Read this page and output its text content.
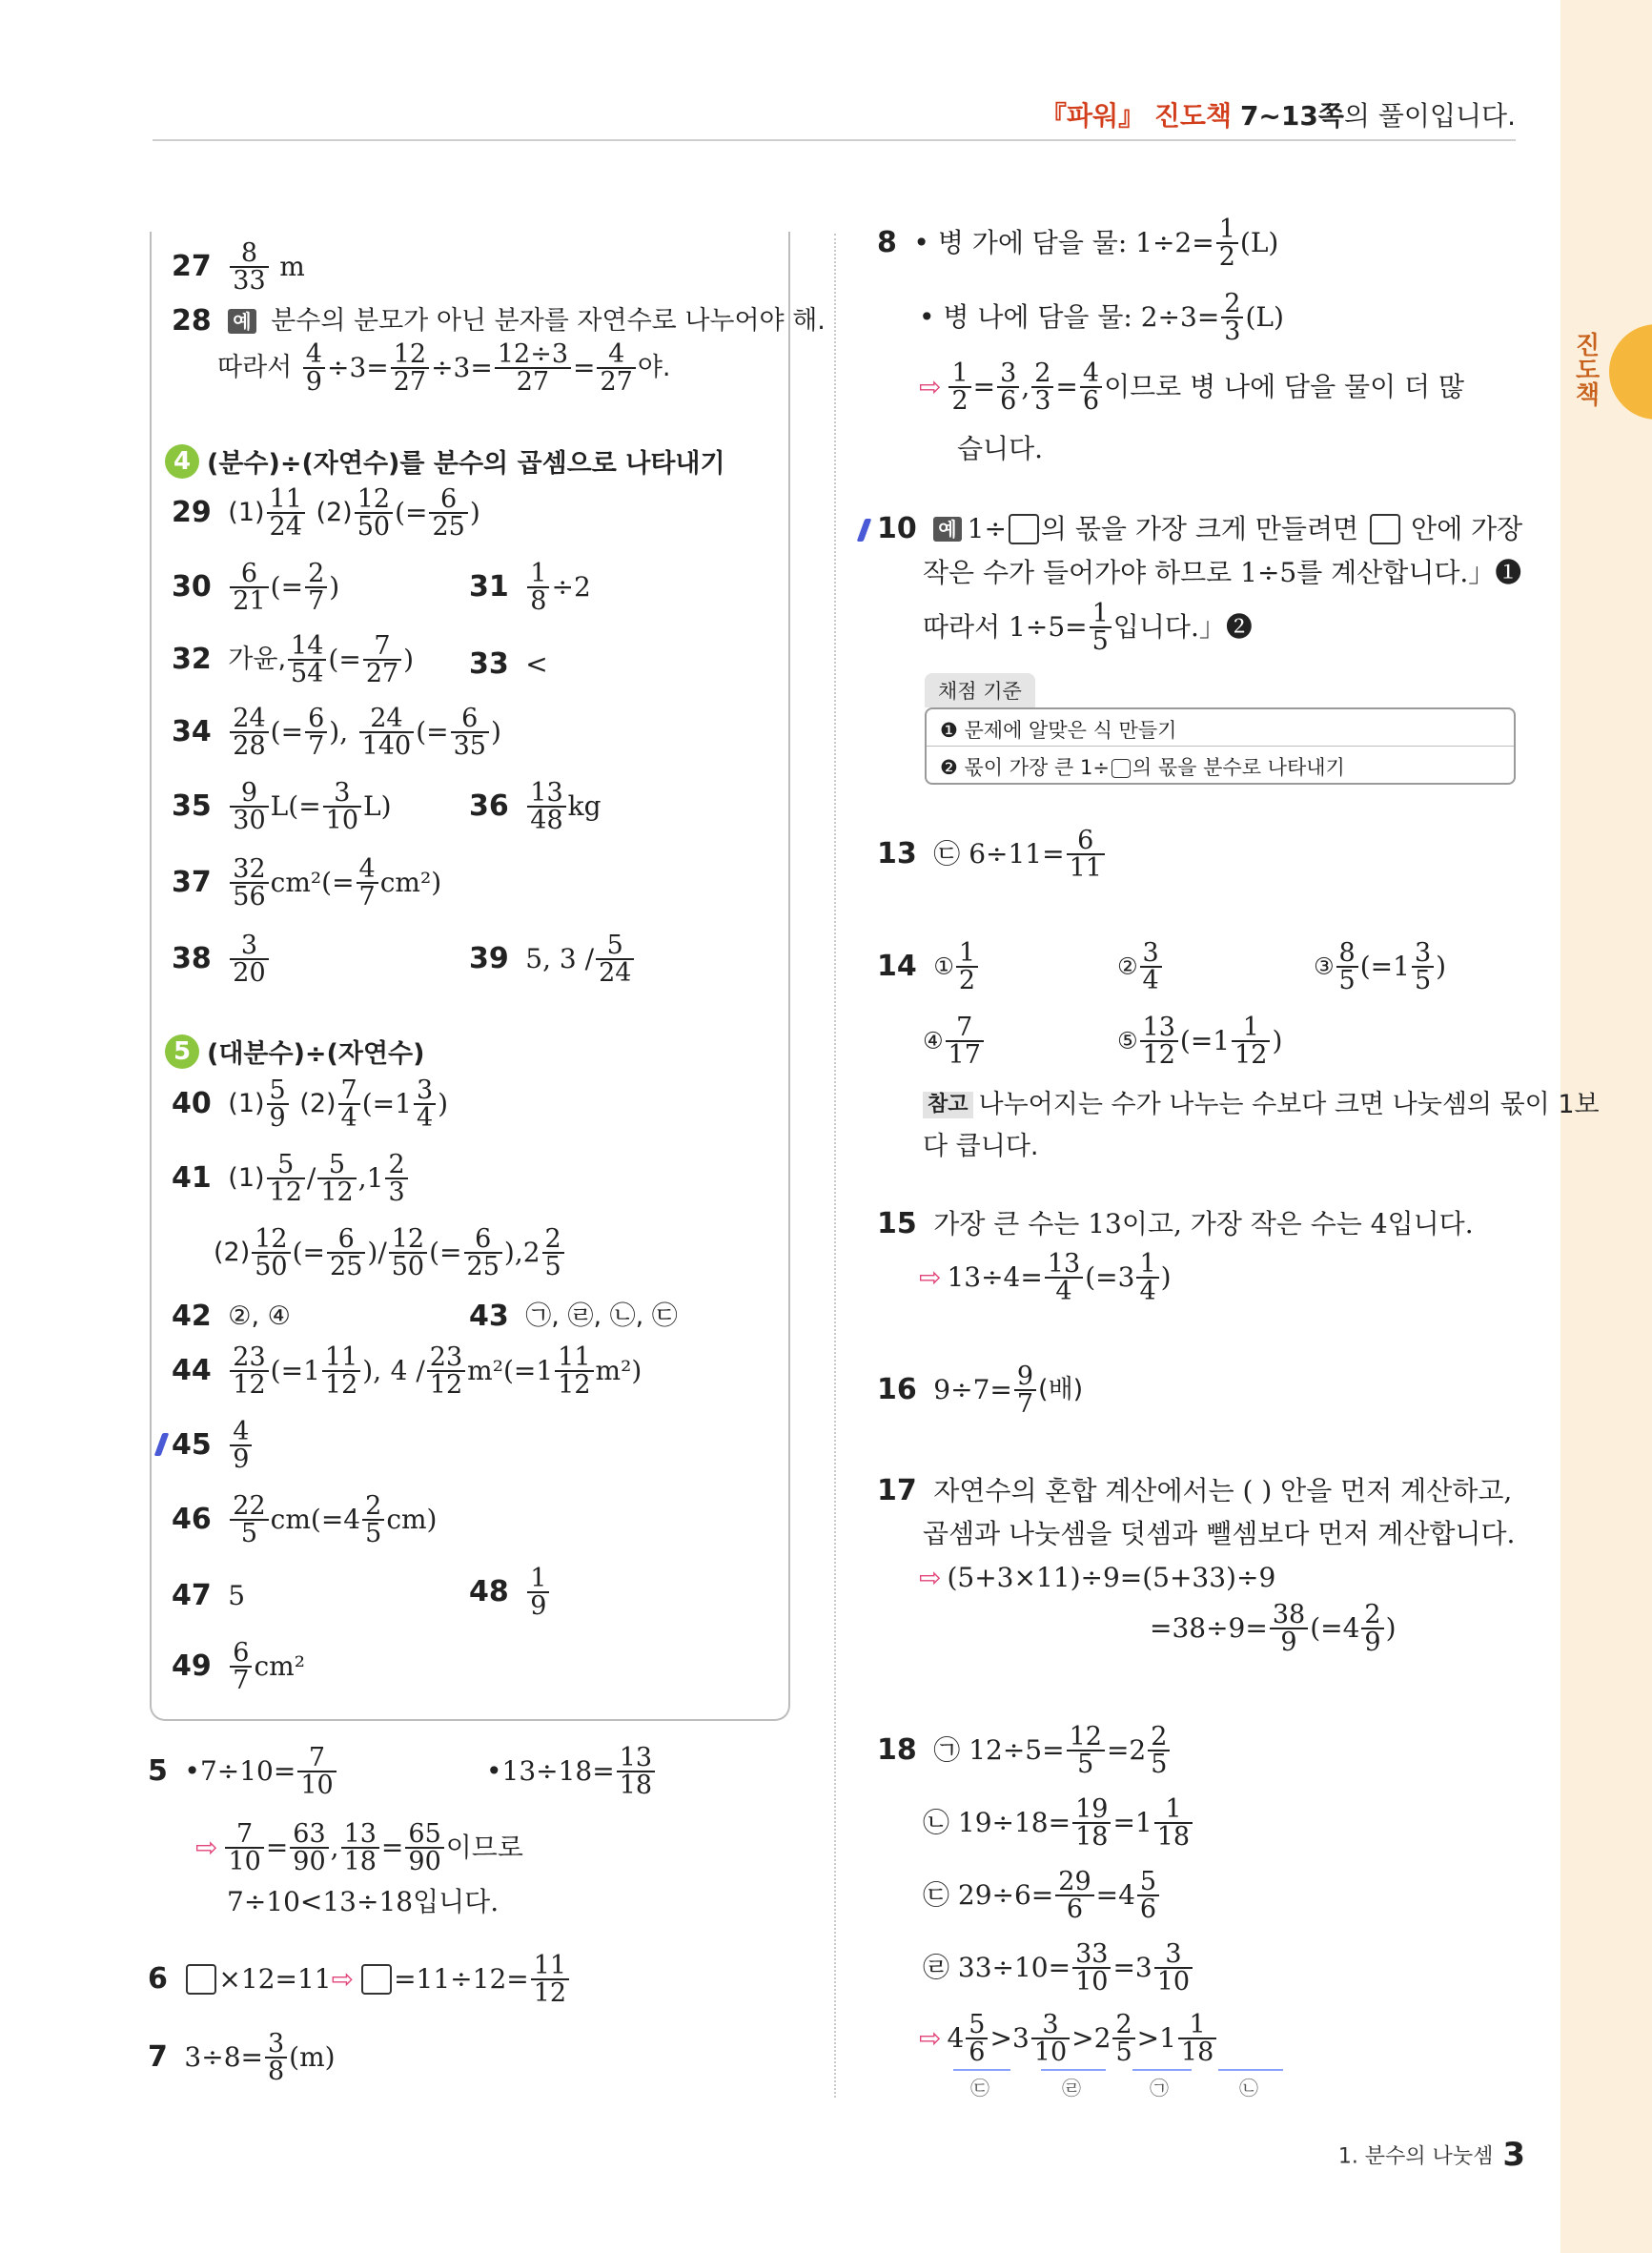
진도책
『파워』 진도책 7~13쪽의 풀이입니다.
$27 \frac{8}{33}$ m
28 예 분수의 분모가 아닌 분자를 자연수로 나누어야 해.
따라서 $\frac{4}{9} \div 3= \frac{12}{27} \div 3= \frac{12\div 3}{27} = \frac{4}{27}$ 야.
4 (분수)÷(자연수)를 분수의 곱셈으로 나타내기
29 $(1) \frac{11}{24} (2) \frac{12}{50}$ (= $\frac{6}{25}$ )
$30 \frac{6}{21}$ (= $\frac{2}{7}$ )	$31 \frac{1}{8} \div 2$
32 가윤, $\frac{14}{54}$ (= $\frac{7}{27}$ ) 33 <
$34 \frac{24}{28}$ (= $\frac{6}{7}$ ), $\frac{24}{140}$ (= $\frac{6}{35}$ )
$35 \frac{9}{30} L(= \frac{3}{10} L)$	$36 \frac{13}{48}$ kg
$37 \frac{32}{56} cm^2(= \frac{4}{7} cm^2)$
$38 \frac{3}{20}$	39 5, $3 / \frac{5}{24}$
5 (대분수)÷(자연수)
40 $(1) \frac{5}{9} (2) \frac{7}{4} (=1 \frac{3}{4}$ )
41 $(1) \frac{5}{12} / \frac{5}{12} ,1 \frac{2}{3}$
$(2) \frac{12}{50}$ (= $\frac{6}{25}$ )/ $\frac{12}{50}$ (= $\frac{6}{25} ),2 \frac{2}{5}$
42 ②, ④	43 ㉠, ㉣, ㉡, ㉢
$44 \frac{23}{12} (=1 \frac{11}{12}$ ), $4 / \frac{23}{12} m^2(=1 \frac{11}{12} m^2)$
$45 \frac{4}{9}$
$46 \frac{22}{5} cm(=4 \frac{2}{5} cm)$
47 5	$48 \frac{1}{9}$
$49 \frac{6}{7} cm^2$
5 •7÷10= $\frac{7}{10}$	•13÷18= $\frac{13}{18}$
⇨ $\frac{7}{10} = \frac{63}{90}$ , $\frac{13}{18} = \frac{65}{90}$ 이므로
7÷10<13÷18입니다.
6 ×12=11⇨ $=11\div 12= \frac{11}{12}$
7 $3\div 8= \frac{3}{8} (m)$
8 • 병 가에 담을 물: $1\div 2= \frac{1}{2} (L)$
• 병 나에 담을 물: $2\div 3= \frac{2}{3} (L)$
⇨ $\frac{1}{2} = \frac{3}{6}$ , $\frac{2}{3} = \frac{4}{6}$ 이므로 병 나에 담을 물이 더 많
습니다.
10 예 1÷ 의 몫을 가장 크게 만들려면 안에 가장
작은 수가 들어가야 하므로 1÷5를 계산합니다.」❶
따라서 $1\div 5= \frac{1}{5}$ 입니다.」❷
채점 기준
❶ 문제에 알맞은 식 만들기
❷ 몫이 가장 큰 1÷ 의 몫을 분수로 나타내기
13 ㉢ $6\div 11= \frac{6}{11}$
14 ① $\frac{1}{2}$	② $\frac{3}{4}$	③ $\frac{8}{5} (=1 \frac{3}{5}$ )
④ $\frac{7}{17}$	⑤ $\frac{13}{12} (=1 \frac{1}{12}$ )
참고 나누어지는 수가 나누는 수보다 크면 나눗셈의 몫이 1보
다 큽니다.
15 가장 큰 수는 13이고, 가장 작은 수는 4입니다.
⇨ $13\div 4= \frac{13}{4} (=3 \frac{1}{4}$ )
16 $9\div 7= \frac{9}{7}$ (배)
17 자연수의 혼합 계산에서는 ( ) 안을 먼저 계산하고,
곱셈과 나눗셈을 덧셈과 뺄셈보다 먼저 계산합니다.
⇨ (5+3×11)÷9=(5+33)÷9
$=38\div 9= \frac{38}{9} (=4 \frac{2}{9}$ )
18 ㉠ $12\div 5= \frac{12}{5} =2 \frac{2}{5}$
㉡ $19\div 18= \frac{19}{18} =1 \frac{1}{18}$
㉢ $29\div 6= \frac{29}{6} =4 \frac{5}{6}$
㉣ $33\div 10= \frac{33}{10} =3 \frac{3}{10}$
⇨ $4 \frac{5}{6} >3 \frac{3}{10} >2 \frac{2}{5} >1 \frac{1}{18}$
㉢	㉣	㉠	㉡
1. 분수의 나눗셈 3
